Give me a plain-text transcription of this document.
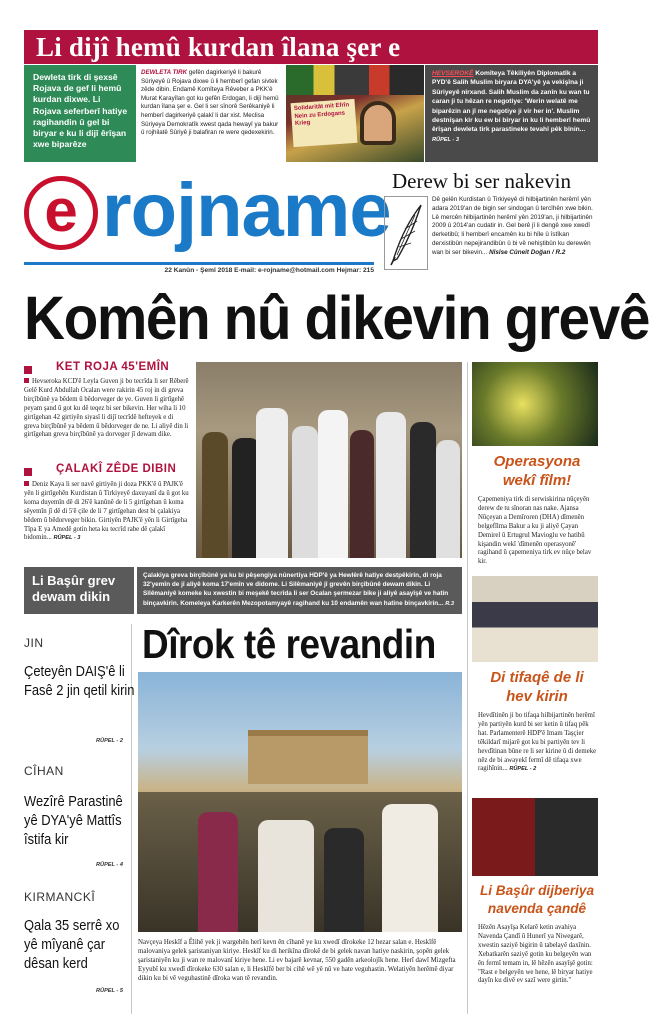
Li dijî hemû kurdan îlana şer e
Dewleta tirk di şexsê Rojava de gef li hemû kurdan dixwe. Li Rojava seferberî hatiye ragihandin û gel bi biryar e ku li dijî êrîşan xwe biparêze
DEWLETA TIRK gefên dagirkeriyê li bakurê Sûriyeyê û Rojava dixwe û li hemberî gefan sivtek zêde dibin. Endamê Komîteya Rêveber a PKK'ê Murat Karayîlan got ku gefên Erdogan, li dijî hemû kurdan îlana şer e. Gel li ser sînorê Serêkaniyê li hemberî dagirkeriyê çalakî li dar xist. Meclisa Sûriyeya Demokratîk xwest qada hewayî ya bakur û rojhilatê Sûriyê ji balafiran re were qedexekirin.
Solidaritât mit Efrîn Nein zu Erdogans Krieg
HEVSEROKÊ Komîteya Têkiliyên Dîplomatîk a PYD'ê Salih Muslim biryara DYA'yê ya vekişîna ji Sûriyeyê nirxand. Salih Muslim da zanîn ku wan tu caran ji tu hêzan re negotiye: 'Werin welatê me biparêzin an jî me negotiye ji vir her in'. Muslim destnîşan kir ku ew bi biryar in ku li hemberî hemû êrîşan dewleta tirk parastineke tevahî pêk bînin... RÛPEL - 3
e rojname
22 Kanûn - Şemî 2018 E-mail: e-rojname@hotmail.com Hejmar: 215
Derew bi ser nakevin
Dê gelên Kurdistan û Tirkiyeyê di hilbijartinên herêmî yên adara 2019'an de bigin ser sindogan û tercîhên xwe bikin. Lê mercên hilbijartinên herêmî yên 2019'an, ji hilbijartinên 2009 û 2014'an cudatir in. Gel berê jî li dengê xwe xwedî derketibû; li hemberî encamên ku bi hîle û îstîkan derxistibûn nepejirandibûn û bi vê nehiştibûn ku derewên wan bi ser bikevin... Nîsîse Cûneît Doğan / R.2
Komên nû dikevin grevê
KET ROJA 45'EMÎN
Hevseroka KCD'ê Leyla Guven ji bo tecrîda li ser Rêberê Gelê Kurd Abdullah Ocalan were rakirin 45 roj in di greva birçîbûnê ya bêdem û bêdorveger de ye. Guven li girtîgehê peyam şand û got ku dê teqez bi ser bikevin. Her wiha li 10 girtîgehan 42 girtiyên siyasî li dijî tecrîdê hefteyek e di greva birçîbûnê ya bêdem û bêdorveger de ne. Li aliyê din li girtîgehan greva birçîbûnê ya dorveger jî dewam dike.
ÇALAKÎ ZÊDE DIBIN
Deniz Kaya li ser navê girtiyên ji doza PKK'ê û PAJK'ê yên li girtîgehên Kurdistan û Tirkiyeyê daxuyanî da û got ku koma duyemîn dê di 26'ê kanûnê de li 5 girtîgehan û koma sêyemîn jî dê di 5'ê çile de li 7 girtîgehan dest bi çalakiya bêdem û bêdorveger bikin. Girtiyên PAJK'ê yên li Girtîgeha Tîpa E ya Amedê gotin heta ku tecrîd rabe dê çalakî bidomin... RÛPEL - 3
Operasyona wekî fîlm!
Çapemeniya tirk di serwiskirina nûçeyên derew de tu sînoran nas nake. Ajansa Nûçeyan a Demîroren (DHA) dîmenên belgefîlma Bakur a ku ji aliyê Çayan Demirel û Ertugrul Mavioglu ve hatibû kişandin wekî 'dîmenên operasyonê' ragihand û çapemeniya tirk ev nûçe belav kir.
Di tifaqê de li hev kirin
Hevdîtinên ji bo tifaqa hilbijartinên herêmî yên partiyên kurd bi ser ketin û tifaq pêk hat. Parlamenterê HDP'ê Imam Taşçier têkildarî mijarê got ku bi partiyên tev li hevdîtinan bûne re li ser kirine û di demeke nêz de bi awayekî fermî dê tifaqa xwe ragihînin... RÛPEL - 2
Li Başûr dijberiya navenda çandê
Hêzên Asayîşa Kelarê ketin avahiya Navenda Çandî û Hunerî ya Niwegarê, xwestin saziyê bigirin û tabelayê daxînin. Xebatkarên saziyê gotin ku belgeyên wan ên fermî temam in, lê hêzên asayîşê gotin: "Rast e belgeyên we hene, lê biryar hatiye dayîn ku divê ev sazî were girtin."
Li Başûr grev dewam dikin
Çalakiya greva birçîbûnê ya ku bi pêşengiya nûnertiya HDP'ê ya Hewlêrê hatiye destpêkirin, di roja 32'yemîn de jî aliyê koma 17'emîn ve didome. Li Silêmaniyê jî grevên birçîbûnê dewam dikin. Li Silêmaniyê komeke ku xwestin bi meşekê tecrîda li ser Ocalan şermezar bike ji aliyê asayîşê ve hatin binçavkirin. Komeleya Karkerên Mezopotamyayê ragihand ku 10 endamên wan hatine binçavkirin... R.3
JIN
Çeteyên DAIŞ'ê li Fasê 2 jin qetil kirin
RÛPEL - 2
CÎHAN
Wezîrê Parastinê yê DYA'yê Mattîs îstifa kir
RÛPEL - 4
KIRMANCKÎ
Qala 35 serrê xo yê mîyanê çar dêsan kerd
RÛPEL - 5
Dîrok tê revandin
Navçeya Heskîf a Êlihê yek ji wargehên herî kevn ên cîhanê ye ku xwedî dîrokeke 12 hezar salan e. Heskîfê malovaniya gelek şaristaniyan kiriye. Heskîf ku di herikîna dîrokê de bi gelek navan hatiye naskirin, şopên gelek şaristaniyên ku ji wan re malovanî kiriye hene. Li ev bajarê kevnar, 550 gadên arkeolojîk hene. Herî dawî Mizgefta Eyyubî ku xwedî dîrokeke 630 salan e, li Heskîfê ber bi cihê wê yê nû ve hate veguhastin. Welatiyên herêmê diyar dikin ku bi vê veguhastinê dîroka wan tê revandin.
